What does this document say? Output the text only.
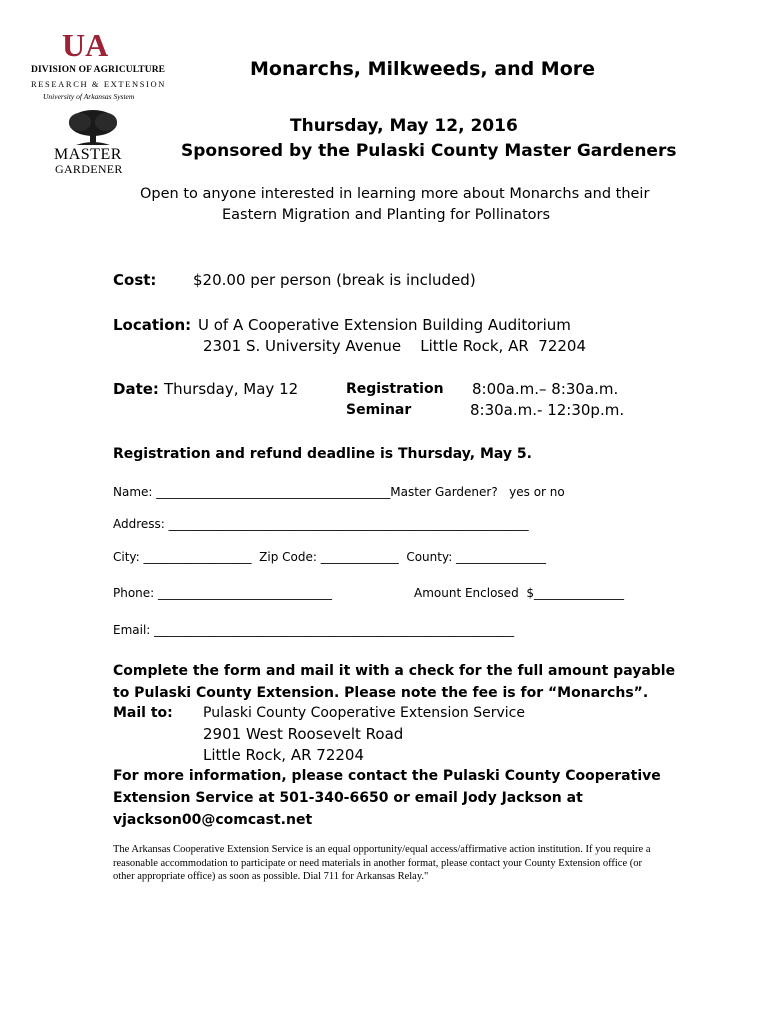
UA
DIVISION OF AGRICULTURE
RESEARCH & EXTENSION
University of Arkansas System
MASTER
GARDENER
Monarchs, Milkweeds, and More
Thursday, May 12, 2016
Sponsored by the Pulaski County Master Gardeners
Open to anyone interested in learning more about Monarchs and their
Eastern Migration and Planting for Pollinators
Cost: $20.00 per person (break is included)
Location: U of A Cooperative Extension Building Auditorium
2301 S. University Avenue    Little Rock, AR  72204
Date: Thursday, May 12	Registration 8:00a.m.– 8:30a.m.
Seminar	8:30a.m.- 12:30p.m.
Registration and refund deadline is Thursday, May 5.
Name: _______________________________________Master Gardener?   yes or no
Address: ____________________________________________________________
City: __________________  Zip Code: _____________  County: _______________
Phone: _____________________________	Amount Enclosed  $_______________
Email: ____________________________________________________________
Complete the form and mail it with a check for the full amount payable
to Pulaski County Extension. Please note the fee is for “Monarchs”.
Mail to: Pulaski County Cooperative Extension Service
2901 West Roosevelt Road
Little Rock, AR 72204
For more information, please contact the Pulaski County Cooperative
Extension Service at 501-340-6650 or email Jody Jackson at
vjackson00@comcast.net
The Arkansas Cooperative Extension Service is an equal opportunity/equal access/affirmative action institution. If you require a reasonable accommodation to participate or need materials in another format, please contact your County Extension office (or other appropriate office) as soon as possible. Dial 711 for Arkansas Relay."
